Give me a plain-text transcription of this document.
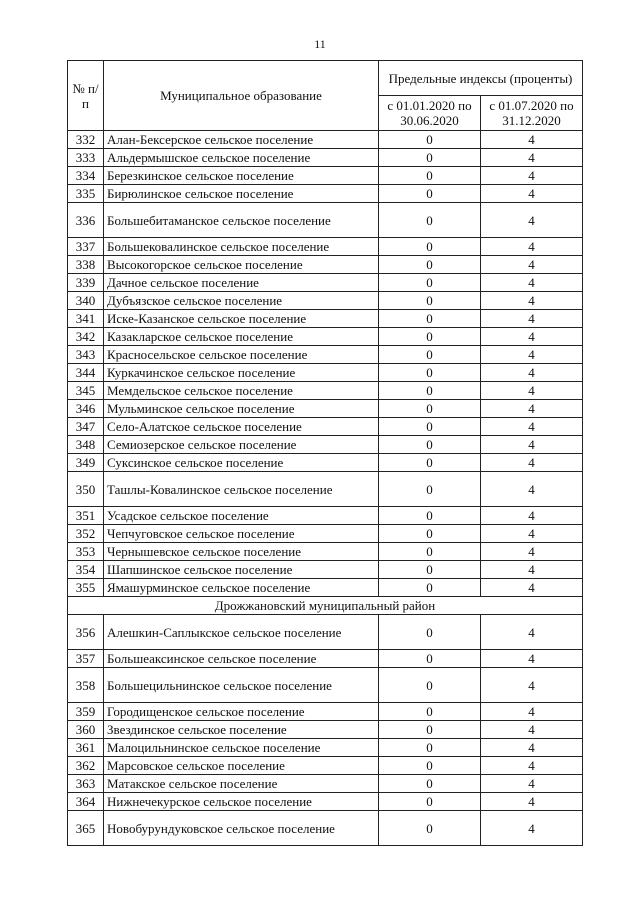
11
№ п/п	Муниципальное образование	Предельные индексы (проценты)	
		с 01.01.2020 по 30.06.2020	с 01.07.2020 по 31.12.2020
332	Алан-Бексерское сельское поселение	0	4
333	Альдермышское сельское поселение	0	4
334	Березкинское сельское поселение	0	4
335	Бирюлинское сельское поселение	0	4
336	Большебитаманское сельское поселение	0	4
337	Большековалинское сельское поселение	0	4
338	Высокогорское сельское поселение	0	4
339	Дачное сельское поселение	0	4
340	Дубъязское сельское поселение	0	4
341	Иске-Казанское сельское поселение	0	4
342	Казакларское сельское поселение	0	4
343	Красносельское сельское поселение	0	4
344	Куркачинское сельское поселение	0	4
345	Мемдельское сельское поселение	0	4
346	Мульминское сельское поселение	0	4
347	Село-Алатское сельское поселение	0	4
348	Семиозерское сельское поселение	0	4
349	Суксинское сельское поселение	0	4
350	Ташлы-Ковалинское сельское поселение	0	4
351	Усадское сельское поселение	0	4
352	Чепчуговское сельское поселение	0	4
353	Чернышевское сельское поселение	0	4
354	Шапшинское сельское поселение	0	4
355	Ямашурминское сельское поселение	0	4
Дрожжановский муниципальный район			
356	Алешкин-Саплыкское сельское поселение	0	4
357	Большеаксинское сельское поселение	0	4
358	Большецильнинское сельское поселение	0	4
359	Городищенское сельское поселение	0	4
360	Звездинское сельское поселение	0	4
361	Малоцильнинское сельское поселение	0	4
362	Марсовское сельское поселение	0	4
363	Матакское сельское поселение	0	4
364	Нижнечекурское сельское поселение	0	4
365	Новобурундуковское сельское поселение	0	4
